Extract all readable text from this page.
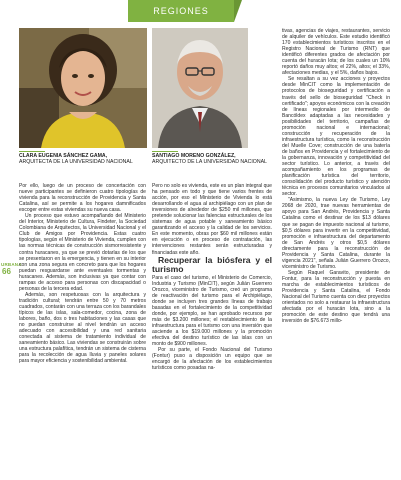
REGIONES
URBANA
66
CLARA EUGENIA SÁNCHEZ GAMA,
ARQUITECTA DE LA UNIVERSIDAD NACIONAL
SANTIAGO MORENO GONZÁLEZ,
ARQUITECTO DE LA UNIVERSIDAD NACIONAL

Por ello, luego de un proceso de concertación con nueve participantes se definieron cuatro tipologías de vivienda para la reconstrucción de Providencia y Santa Catalina, así se permite a los hogares damnificados escoger entre estas viviendas su nueva casa.

Un proceso que estuvo acompañando del Ministerio del Interior, Ministerio de Cultura, Findeter, la Sociedad Colombiana de Arquitectos, la Universidad Nacional y el Club de Amigos por Providencia. Estas cuatro tipologías, según el Ministerio de Vivienda, cumplen con las normas técnicas de construcción sismorresistente y contra huracanes, ya que se previó dotarlas de los que se presentaron en la emergencia, y tienen en su interior con una zona segura en concreto para que los hogares puedan resguardarse ante eventuales tormentas y huracanes. Además, son inclusivas ya que contar con rampas de acceso para personas con discapacidad o personas de la tercera edad.

Además, son respetuosas con la arquitectura y tradición cultural; tendrán entre 50 y 70 metros cuadrados, contarán con una terraza con los barandales típicos de las islas, sala-comedor, cocina, zona de labores, baño, dos o tres habitaciones y las casas que no puedan construirse al nivel tendrán un acceso adecuado con accesibilidad y una red sanitaria conectada al sistema de tratamiento individual de saneamiento básico. Las viviendas se construirán sobre una estructura palafítica, tendrán un sistema de cisterna para la recolección de agua lluvia y paneles solares para mayor eficiencia y sostenibilidad ambiental.

Pero no solo es vivienda, este es un plan integral que ha pensado en todo y que tiene varios frentes de acción, por eso el Ministerio de Vivienda lo está desarrollando el agua al archipiélago con un plan de inversiones de alrededor de $250 mil millones, que pretende solucionar las falencias estructurales de los sistemas de agua potable y saneamiento básico garantizando el acceso y la calidad de los servicios. En este momento, obras por $60 mil millones están en ejecución o en proceso de contratación, las intervenciones restantes serán estructuradas y financiadas este año.

Recuperar la biósfera y el turismo

Para el caso del turismo, el Ministerio de Comercio, Industria y Turismo (MinCIT), según Julián Guerrero Orozco, viceministro de Turismo, creó un programa de reactivación del turismo para el Archipiélago, donde se incluyen tres grandes líneas de trabajo basadas en el fortalecimiento de la competitividad donde, por ejemplo, se han aprobado recursos por más de $3.200 millones; el restablecimiento de la infraestructura para el turismo con una inversión que asciende a los $19.000 millones y la promoción efectiva del destino turístico de las islas con un monto de $900 millones.

Por su parte, el Fondo Nacional del Turismo (Fontur) puso a disposición un equipo que se encargó de la afectación de los establecimientos turísticos como posadas na-

tivas, agencias de viajes, restaurantes, servicio de alquiler de vehículos. Este estudio identificó 170 establecimientos turísticos inscritos en el Registro Nacional de Turismo (RNT) que identificó diferentes grados de afectación por cuenta del huracán Iota; de los cuales un 10% reportó daños muy altos; el 22%, altos; el 33%, afectaciones medias, y el 5%, daños bajos.

Se resaltan a su vez acciones y proyectos desde MinCIT como la implementación de protocolos de bioseguridad y certificación a través del sello de bioseguridad "Check in certificado"; apoyos económicos con la creación de líneas regionales por intermedio de Bancóldex adaptadas a las necesidades y posibilidades del territorio, campañas de promoción nacional e internacional; construcción y recuperación de la infraestructura turística, como la reconstrucción del Muelle Cove; construcción de una batería de baños en Providencia y el fortalecimiento de la gobernanza, innovación y competitividad del sector turístico. Lo anterior, a través del acompañamiento en los programas de planificación turística del territorio, consolidación del producto turístico y atención técnica en procesos comunitarios vinculados al sector.

"Asimismo, la nueva Ley de Turismo, Ley 2068 de 2020, trae nuevas herramientas de apoyo para San Andrés, Providencia y Santa Catalina como el destinar de los $13 dólares que se pagan de impuesto nacional al turismo, $0,5 dólares para invertir en la competitividad, promoción e infraestructura del departamento de San Andrés y otros $0,5 dólares directamente para la reconstrucción de Providencia y Santa Catalina, durante la vigencia 2021", señala Julián Guerrero Orozco, viceministro de Turismo.

Según Raquel Garavito, presidente de Fontur, para la reconstrucción y puesta en marcha de establecimientos turísticos de Providencia y Santa Catalina, el Fondo Nacional del Turismo cuenta con diez proyectos orientados no solo a restaurar la infraestructura afectada por el huracán Iota, sino a la promoción de este destino que tendrá una inversión de $76.673 millo-
